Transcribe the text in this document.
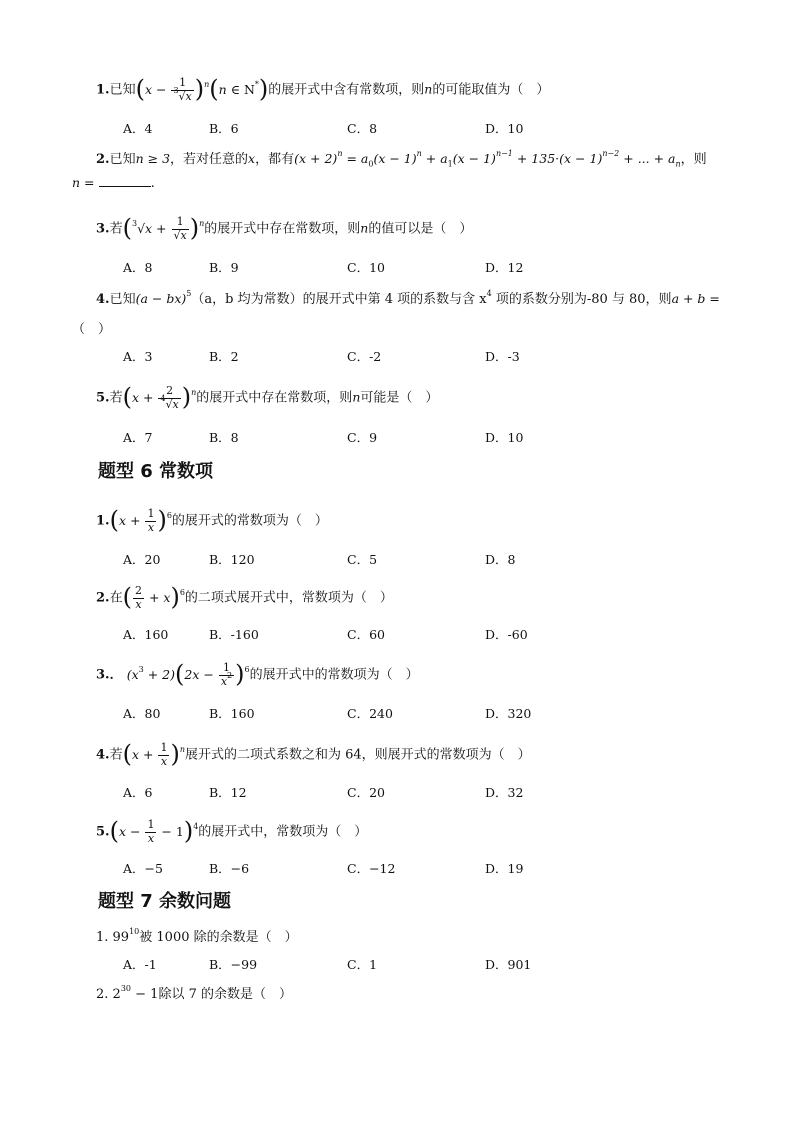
1.已知$(x - \frac{1}{^3√x} )^n(n$ ∈ N*)的展开式中含有常数项，则n的可能取值为（　）
A．4	B．6	C．8	D．10
2.已知n ≥ 3，若对任意的x，都有$(x + 2)^n = a_0(x - 1)^n + a_1(x - 1)^{n-1} + 135\cdot(x - 1)^{n-2}$ + ... + $a_n$，则
n =	.
3.若$(^3√x + \frac{1}{√x} )^n$的展开式中存在常数项，则n的值可以是（　）
A．8	B．9	C．10	D．12
4.已知(a − bx)$^5$（a，b 均为常数）的展开式中第 4 项的系数与含 $x^4$ 项的系数分别为-80 与 80，则a + b =
（　）
A．3	B．2	C．-2	D．-3
5.若$(x + \frac{2}{^4√x} )^n$的展开式中存在常数项，则n可能是（　）
A．7	B．8	C．9	D．10
题型 6 常数项
$1.(x + \frac{1}{x} )^6$的展开式的常数项为（　）
A．20	B．120	C．5	D．8
2.在( $\frac{2}{x} + x)^6$的二项式展开式中，常数项为（　）
A．160	B．-160	C．60	D．-60
3.． $(x^3 + 2)(2x - \frac{1}{x^2} )^6$的展开式中的常数项为（　）
A．80	B．160	C．240	D．320
4.若$(x + \frac{1}{x} )^n$展开式的二项式系数之和为 64，则展开式的常数项为（　）
A．6	B．12	C．20	D．32
$5.(x - \frac{1}{x} - 1)^4$的展开式中，常数项为（　）
A．−5	B．−6	C．−12	D．19
题型 7 余数问题
1. $99^{10}$被 1000 除的余数是（　）
A．-1	B．−99	C．1	D．901
2. $2^{30} - 1$除以 7 的余数是（　）
